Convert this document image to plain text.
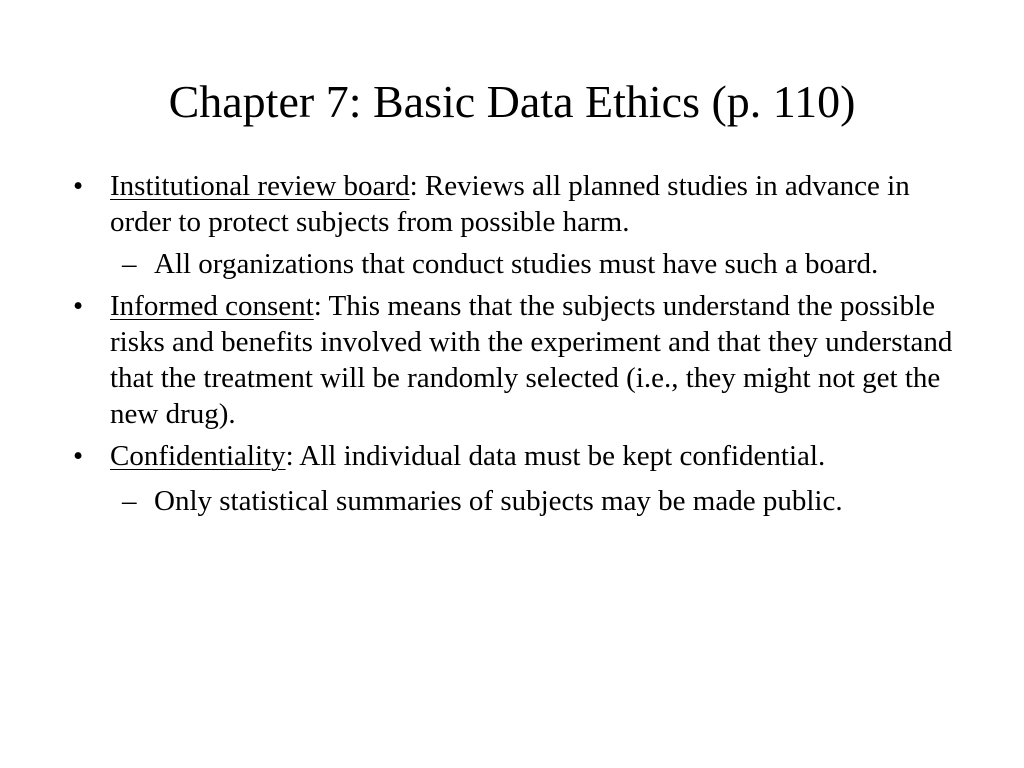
Chapter 7: Basic Data Ethics (p. 110)
• Institutional review board: Reviews all planned studies in advance in order to protect subjects from possible harm.
– All organizations that conduct studies must have such a board.
• Informed consent: This means that the subjects understand the possible risks and benefits involved with the experiment and that they understand that the treatment will be randomly selected (i.e., they might not get the new drug).
• Confidentiality: All individual data must be kept confidential.
– Only statistical summaries of subjects may be made public.
